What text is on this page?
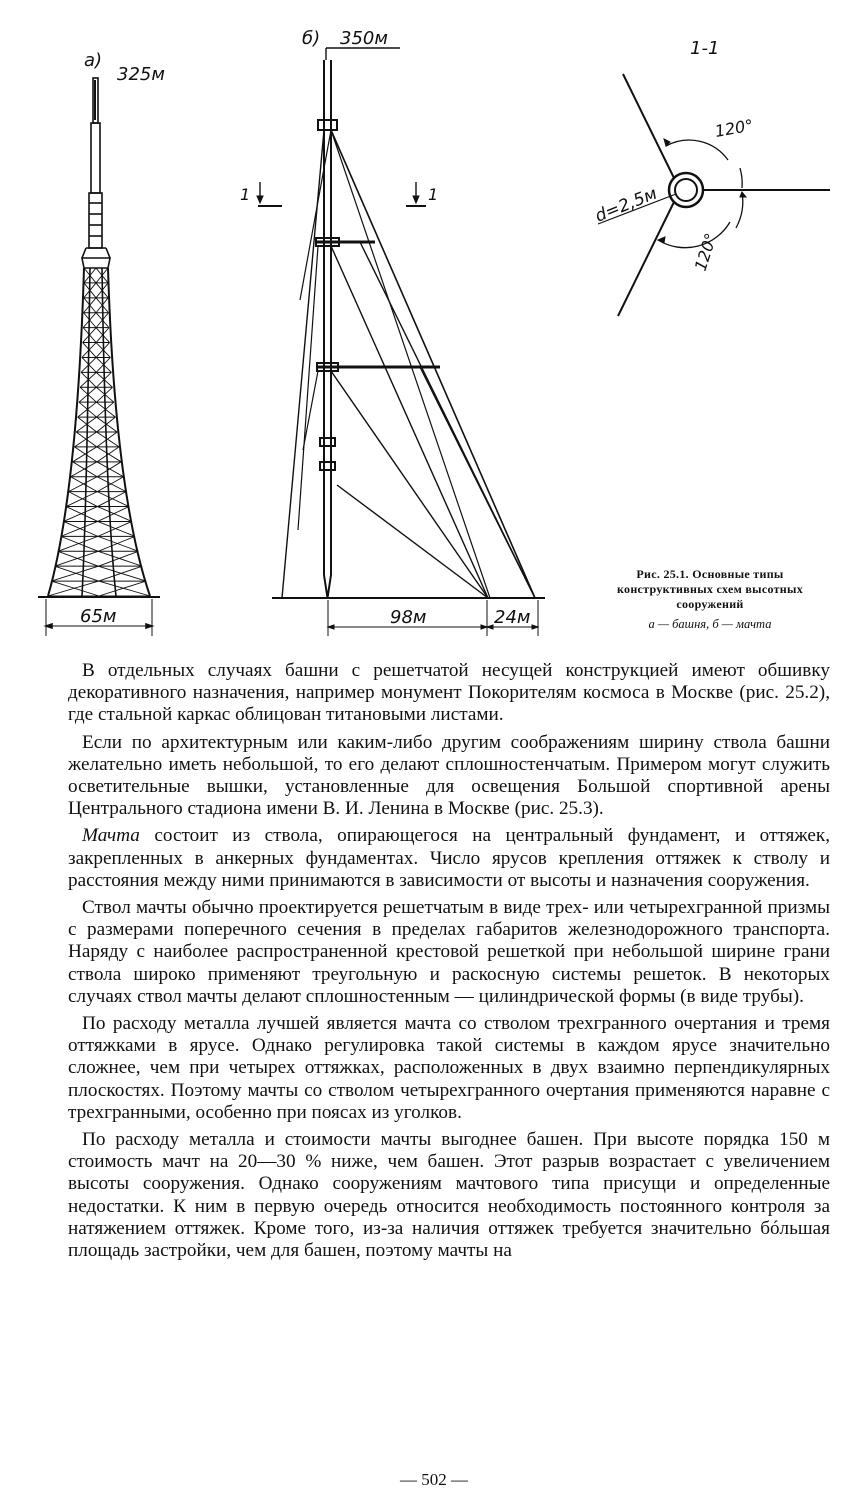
а)
325м
65м
б) 350м
98м	24м
1	1
1-1
d=2,5м
120°
120°
Рис. 25.1. Основные типы конструктивных схем высотных сооружений
а — башня, б — мачта

В отдельных случаях башни с решетчатой несущей конструкцией имеют обшивку декоративного назначения, например монумент Покорителям космоса в Москве (рис. 25.2), где стальной каркас облицован титановыми листами.

Если по архитектурным или каким-либо другим соображениям ширину ствола башни желательно иметь небольшой, то его делают сплошностенчатым. Примером могут служить осветительные вышки, установленные для освещения Большой спортивной арены Центрального стадиона имени В. И. Ленина в Москве (рис. 25.3).

Мачта состоит из ствола, опирающегося на центральный фундамент, и оттяжек, закрепленных в анкерных фундаментах. Число ярусов крепления оттяжек к стволу и расстояния между ними принимаются в зависимости от высоты и назначения сооружения.

Ствол мачты обычно проектируется решетчатым в виде трех- или четырехгранной призмы с размерами поперечного сечения в пределах габаритов железнодорожного транспорта. Наряду с наиболее распространенной крестовой решеткой при небольшой ширине грани ствола широко применяют треугольную и раскосную системы решеток. В некоторых случаях ствол мачты делают сплошностенным — цилиндрической формы (в виде трубы).

По расходу металла лучшей является мачта со стволом трехгранного очертания и тремя оттяжками в ярусе. Однако регулировка такой системы в каждом ярусе значительно сложнее, чем при четырех оттяжках, расположенных в двух взаимно перпендикулярных плоскостях. Поэтому мачты со стволом четырехгранного очертания применяются наравне с трехгранными, особенно при поясах из уголков.

По расходу металла и стоимости мачты выгоднее башен. При высоте порядка 150 м стоимость мачт на 20—30 % ниже, чем башен. Этот разрыв возрастает с увеличением высоты сооружения. Однако сооружениям мачтового типа присущи и определенные недостатки. К ним в первую очередь относится необходимость постоянного контроля за натяжением оттяжек. Кроме того, из-за наличия оттяжек требуется значительно бóльшая площадь застройки, чем для башен, поэтому мачты на

— 502 —
